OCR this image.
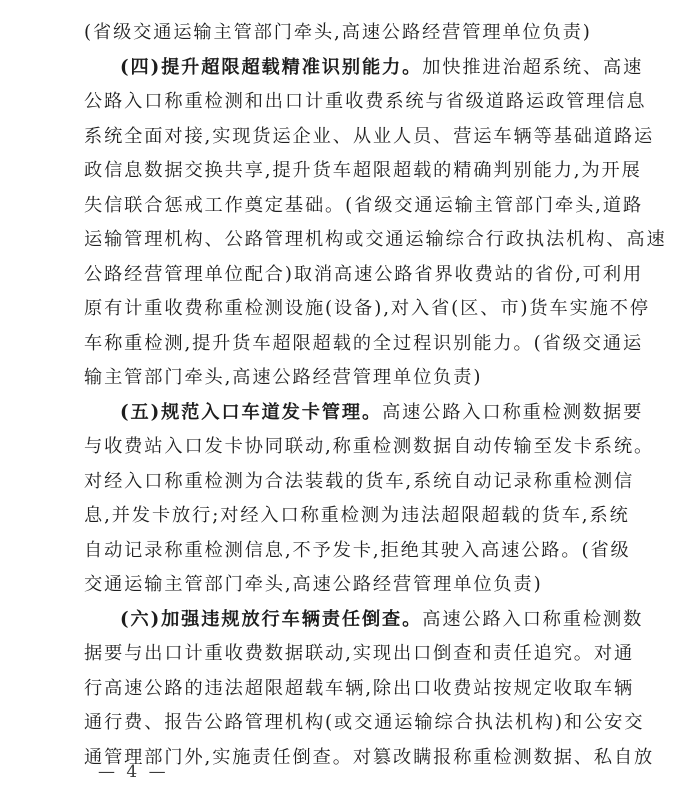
(省级交通运输主管部门牵头,高速公路经营管理单位负责)
(四)提升超限超载精准识别能力。加快推进治超系统、高速
公路入口称重检测和出口计重收费系统与省级道路运政管理信息
系统全面对接,实现货运企业、从业人员、营运车辆等基础道路运
政信息数据交换共享,提升货车超限超载的精确判别能力,为开展
失信联合惩戒工作奠定基础。(省级交通运输主管部门牵头,道路
运输管理机构、公路管理机构或交通运输综合行政执法机构、高速
公路经营管理单位配合)取消高速公路省界收费站的省份,可利用
原有计重收费称重检测设施(设备),对入省(区、市)货车实施不停
车称重检测,提升货车超限超载的全过程识别能力。(省级交通运
输主管部门牵头,高速公路经营管理单位负责)
(五)规范入口车道发卡管理。高速公路入口称重检测数据要
与收费站入口发卡协同联动,称重检测数据自动传输至发卡系统。
对经入口称重检测为合法装载的货车,系统自动记录称重检测信
息,并发卡放行;对经入口称重检测为违法超限超载的货车,系统
自动记录称重检测信息,不予发卡,拒绝其驶入高速公路。(省级
交通运输主管部门牵头,高速公路经营管理单位负责)
(六)加强违规放行车辆责任倒查。高速公路入口称重检测数
据要与出口计重收费数据联动,实现出口倒查和责任追究。对通
行高速公路的违法超限超载车辆,除出口收费站按规定收取车辆
通行费、报告公路管理机构(或交通运输综合执法机构)和公安交
通管理部门外,实施责任倒查。对篡改瞒报称重检测数据、私自放
— 4 —
